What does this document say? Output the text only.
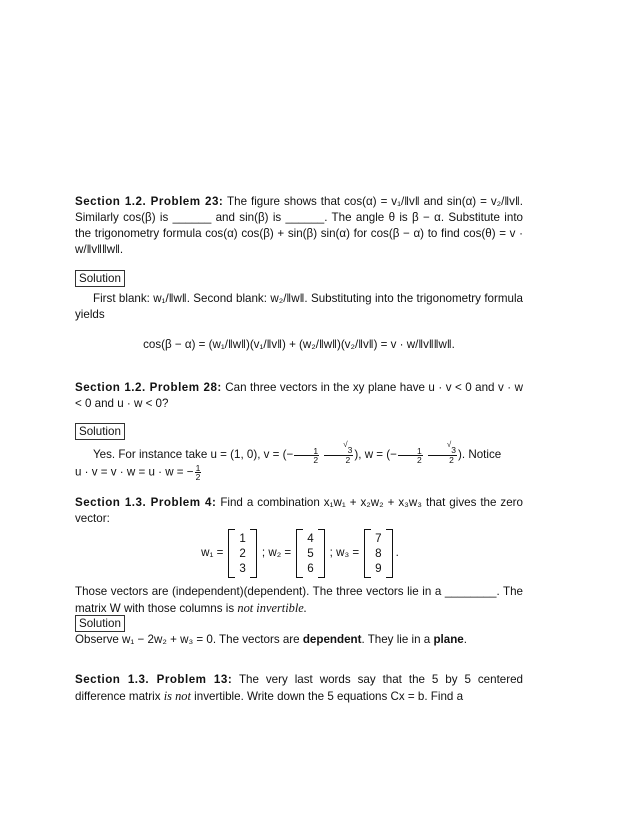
Section 1.2. Problem 23: The figure shows that cos(α) = v₁/‖v‖ and sin(α) = v₂/‖v‖. Similarly cos(β) is ______ and sin(β) is ______. The angle θ is β − α. Substitute into the trigonometry formula cos(α) cos(β) + sin(β) sin(α) for cos(β − α) to find cos(θ) = v · w/‖v‖‖w‖.
Solution
First blank: w₁/‖w‖. Second blank: w₂/‖w‖. Substituting into the trigonometry formula yields
cos(β − α) = (w₁/‖w‖)(v₁/‖v‖) + (w₂/‖w‖)(v₂/‖v‖) = v · w/‖v‖‖w‖.
Section 1.2. Problem 28: Can three vectors in the xy plane have u · v < 0 and v · w < 0 and u · w < 0?
Solution
Yes. For instance take u = (1, 0), v = (− $\frac{1}{2}$
$\frac{√3}{2}$ ), w = (− $\frac{1}{2}$
$\frac{√3}{2}$ ). Notice
u · v = v · w = u · w = − $\frac{1}{2}$
Section 1.3. Problem 4: Find a combination x₁w₁ + x₂w₂ + x₃w₃ that gives the zero vector:
w₁ =
1
2
3
; w₂ =
4
5
6
; w₃ =
7
8
9
.
Those vectors are (independent)(dependent). The three vectors lie in a ________. The matrix W with those columns is not invertible.
Solution
Observe w₁ − 2w₂ + w₃ = 0. The vectors are dependent. They lie in a plane.
Section 1.3. Problem 13: The very last words say that the 5 by 5 centered difference matrix is not invertible. Write down the 5 equations Cx = b. Find a
